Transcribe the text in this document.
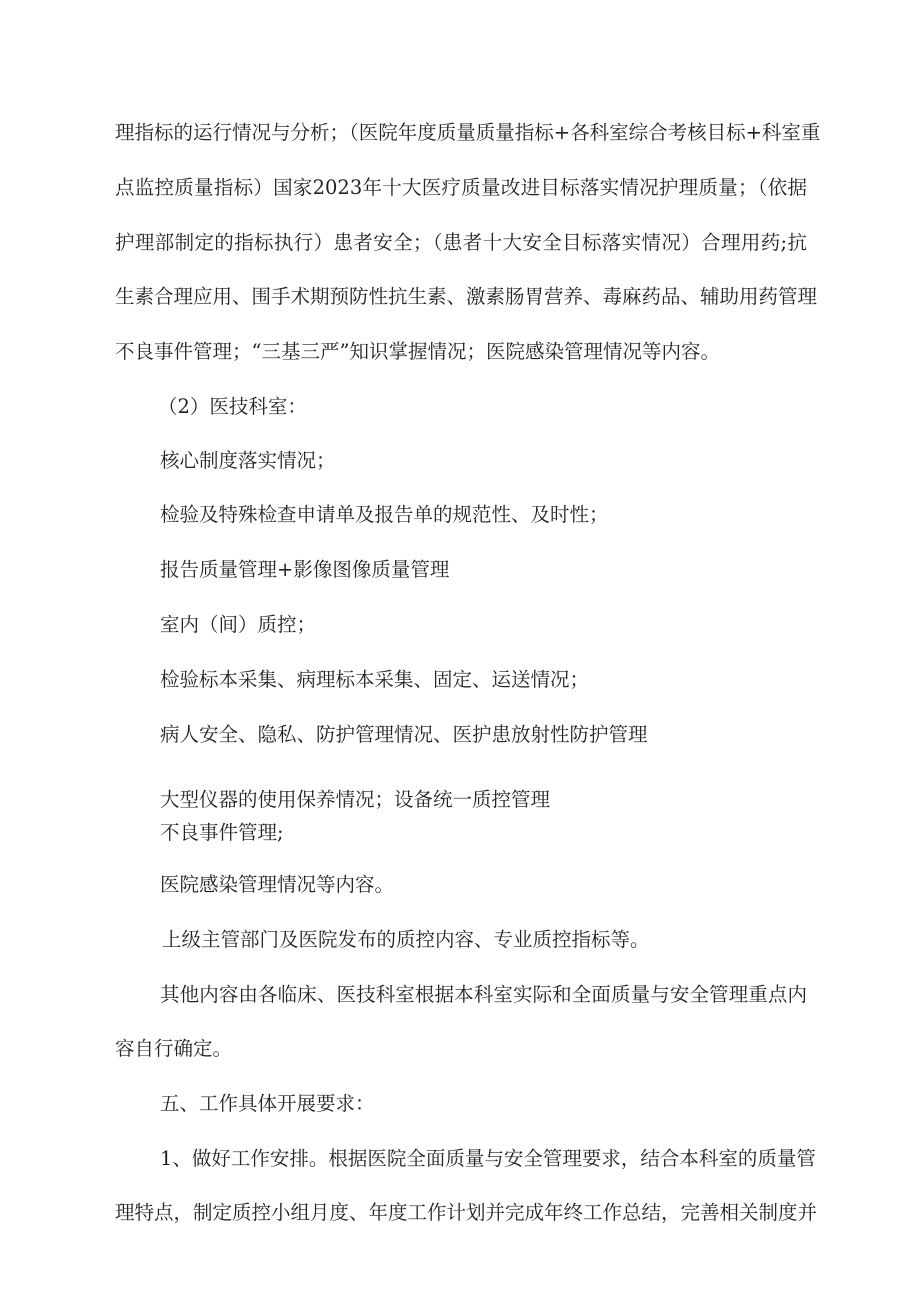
理指标的运行情况与分析；（医院年度质量质量指标+各科室综合考核目标+科室重
点监控质量指标）国家2023年十大医疗质量改进目标落实情况护理质量；（依据
护理部制定的指标执行）患者安全；（患者十大安全目标落实情况）合理用药;抗
生素合理应用、围手术期预防性抗生素、激素肠胃营养、毒麻药品、辅助用药管理
不良事件管理；“三基三严”知识掌握情况；医院感染管理情况等内容。
（2）医技科室：
核心制度落实情况；
检验及特殊检查申请单及报告单的规范性、及时性；
报告质量管理+影像图像质量管理
室内（间）质控；
检验标本采集、病理标本采集、固定、运送情况；
病人安全、隐私、防护管理情况、医护患放射性防护管理
大型仪器的使用保养情况；设备统一质控管理
不良事件管理;
医院感染管理情况等内容。
上级主管部门及医院发布的质控内容、专业质控指标等。
其他内容由各临床、医技科室根据本科室实际和全面质量与安全管理重点内
容自行确定。
五、工作具体开展要求：
1、做好工作安排。根据医院全面质量与安全管理要求，结合本科室的质量管
理特点，制定质控小组月度、年度工作计划并完成年终工作总结，完善相关制度并
